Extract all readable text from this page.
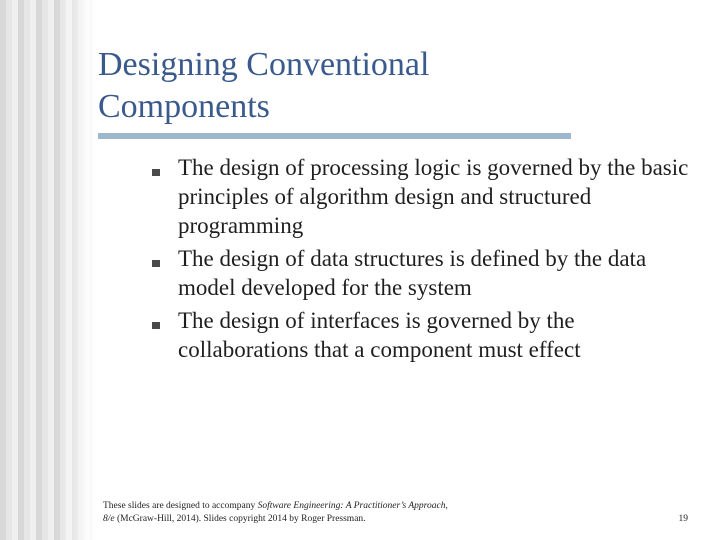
Designing Conventional
Components
The design of processing logic is governed by the basic principles of algorithm design and structured programming
The design of data structures is defined by the data model developed for the system
The design of interfaces is governed by the collaborations that a component must effect
These slides are designed to accompany Software Engineering: A Practitioner’s Approach,
8/e (McGraw-Hill, 2014). Slides copyright 2014 by Roger Pressman.	19
